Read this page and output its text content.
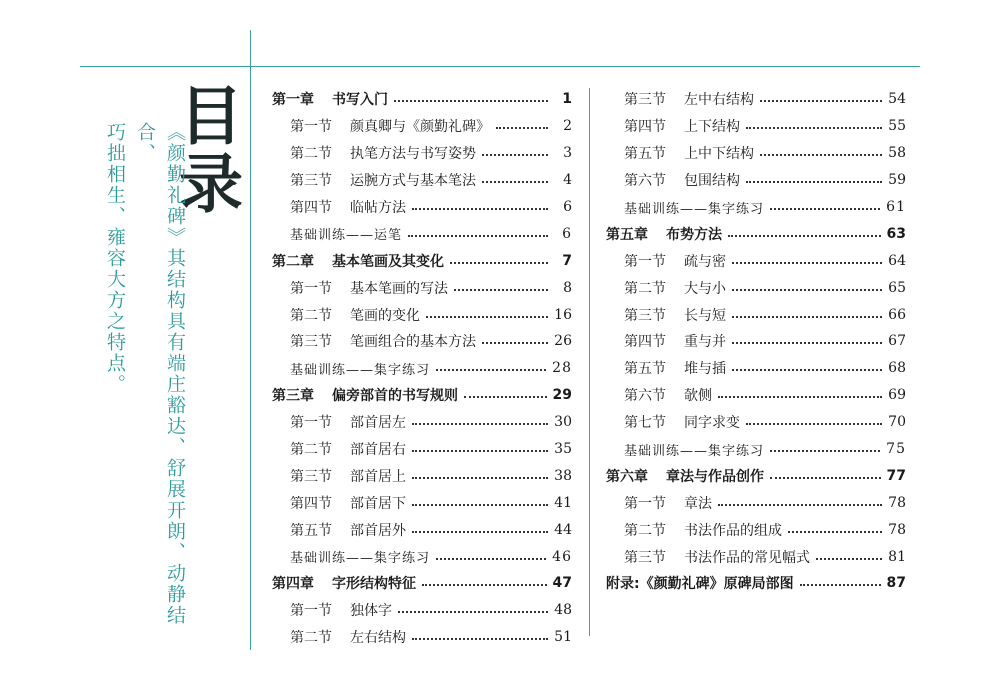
目录
《颜勤礼碑》其结构具有端庄豁达、舒展开朗、动静结合、
巧拙相生、雍容大方之特点。
第一章 书写入门	1
第一节 颜真卿与《颜勤礼碑》	2
第二节 执笔方法与书写姿势	3
第三节 运腕方式与基本笔法	4
第四节 临帖方法	6
基础训练——运笔	6
第二章 基本笔画及其变化	7
第一节 基本笔画的写法	8
第二节 笔画的变化	16
第三节 笔画组合的基本方法	26
基础训练——集字练习	28
第三章 偏旁部首的书写规则	29
第一节 部首居左	30
第二节 部首居右	35
第三节 部首居上	38
第四节 部首居下	41
第五节 部首居外	44
基础训练——集字练习	46
第四章 字形结构特征	47
第一节 独体字	48
第二节 左右结构	51
第三节 左中右结构	54
第四节 上下结构	55
第五节 上中下结构	58
第六节 包围结构	59
基础训练——集字练习	61
第五章 布势方法	63
第一节 疏与密	64
第二节 大与小	65
第三节 长与短	66
第四节 重与并	67
第五节 堆与插	68
第六节 欹侧	69
第七节 同字求变	70
基础训练——集字练习	75
第六章 章法与作品创作	77
第一节 章法	78
第二节 书法作品的组成	78
第三节 书法作品的常见幅式	81
附录:《颜勤礼碑》原碑局部图	87
